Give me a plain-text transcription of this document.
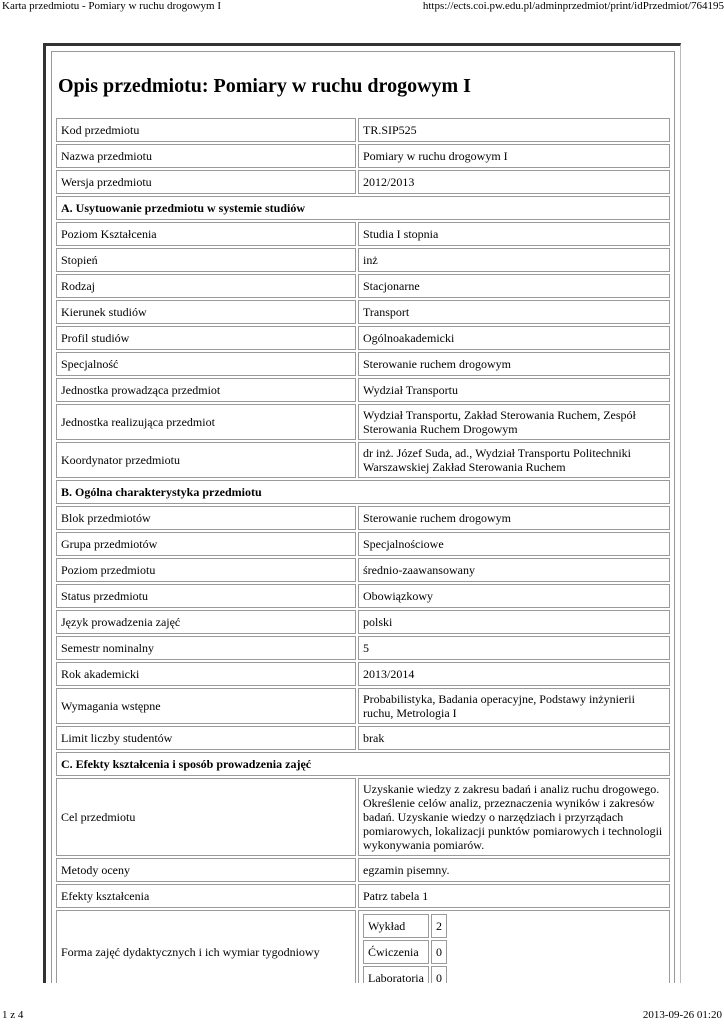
Karta przedmiotu - Pomiary w ruchu drogowym I	https://ects.coi.pw.edu.pl/adminprzedmiot/print/idPrzedmiot/764195
Opis przedmiotu: Pomiary w ruchu drogowym I
Kod przedmiotu	TR.SIP525
Nazwa przedmiotu	Pomiary w ruchu drogowym I
Wersja przedmiotu	2012/2013
A. Usytuowanie przedmiotu w systemie studiów
Poziom Kształcenia	Studia I stopnia
Stopień	inż
Rodzaj	Stacjonarne
Kierunek studiów	Transport
Profil studiów	Ogólnoakademicki
Specjalność	Sterowanie ruchem drogowym
Jednostka prowadząca przedmiot	Wydział Transportu
Jednostka realizująca przedmiot	Wydział Transportu, Zakład Sterowania Ruchem, Zespół Sterowania Ruchem Drogowym
Koordynator przedmiotu	dr inż. Józef Suda, ad., Wydział Transportu Politechniki Warszawskiej Zakład Sterowania Ruchem
B. Ogólna charakterystyka przedmiotu
Blok przedmiotów	Sterowanie ruchem drogowym
Grupa przedmiotów	Specjalnościowe
Poziom przedmiotu	średnio-zaawansowany
Status przedmiotu	Obowiązkowy
Język prowadzenia zajęć	polski
Semestr nominalny	5
Rok akademicki	2013/2014
Wymagania wstępne	Probabilistyka, Badania operacyjne, Podstawy inżynierii ruchu, Metrologia I
Limit liczby studentów	brak
C. Efekty kształcenia i sposób prowadzenia zajęć
Cel przedmiotu	Uzyskanie wiedzy z zakresu badań i analiz ruchu drogowego. Określenie celów analiz, przeznaczenia wyników i zakresów badań. Uzyskanie wiedzy o narzędziach i przyrządach pomiarowych, lokalizacji punktów pomiarowych i technologii wykonywania pomiarów.
Metody oceny	egzamin pisemny.
Efekty kształcenia	Patrz tabela 1
Forma zajęć dydaktycznych i ich wymiar tygodniowy	
Wykład	2
Ćwiczenia	0
Laboratoria	0
1 z 4	2013-09-26 01:20
